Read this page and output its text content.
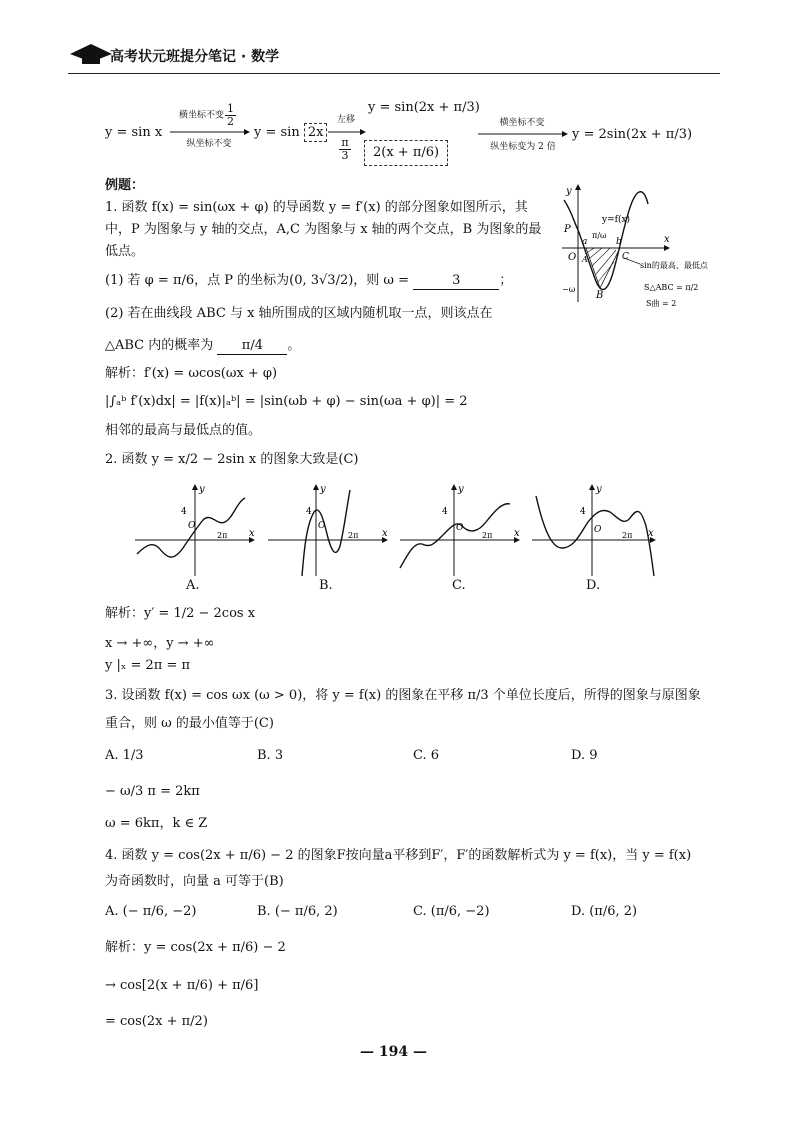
高考状元班提分笔记 · 数学
y = sin x
横坐标不变 $\frac{1}{2}$
纵坐标不变
y = sin 2x
左移
$\frac{\pi}{3}$
y = sin(2x + π/3)
2(x + π/6)
横坐标不变
纵坐标变为 2 倍
y = 2sin(2x + π/3)
例题：
1. 函数 f(x) = sin(ωx + φ) 的导函数 y = f′(x) 的部分图象如图所示，其
中，P 为图象与 y 轴的交点，A,C 为图象与 x 轴的两个交点，B 为图象的最
低点。
(1) 若 φ = π/6，点 P 的坐标为(0, 3√3/2)，则 ω =	3	；
(2) 若在曲线段 ABC 与 x 轴所围成的区域内随机取一点，则该点在
△ABC 内的概率为 π/4 。
解析：f′(x) = ωcos(ωx + φ)
|∫ₐᵇ f′(x)dx| = |f(x)|ₐᵇ| = |sin(ωb + φ) − sin(ωa + φ)| = 2
相邻的最高与最低点的值。
y=f(x)
y
x
P
O A	C
B
a	b
π/ω
−ω
sin的最高、最低点
S△ABC = π/2
S曲 = 2
2. 函数 y = x/2 − 2sin x 的图象大致是(C)
y
x
4
O
2π
A.
y
x
4
O
2π
B.
y
x
4
O
2π
C.
y
x
4
O
2π
D.
解析：y′ = 1/2 − 2cos x
x → +∞，y → +∞
y |ₓ = 2π = π
3. 设函数 f(x) = cos ωx (ω > 0)，将 y = f(x) 的图象在平移 π/3 个单位长度后，所得的图象与原图象
重合，则 ω 的最小值等于(C)
A. 1/3	B. 3	C. 6	D. 9
− ω/3 π = 2kπ
ω = 6kπ，k ∈ Z
4. 函数 y = cos(2x + π/6) − 2 的图象F按向量a平移到F′，F′的函数解析式为 y = f(x)，当 y = f(x)
为奇函数时，向量 a 可等于(B)
A. (− π/6, −2)	B. (− π/6, 2)	C. (π/6, −2)	D. (π/6, 2)
解析：y = cos(2x + π/6) − 2
→ cos[2(x + π/6) + π/6]
= cos(2x + π/2)
— 194 —
